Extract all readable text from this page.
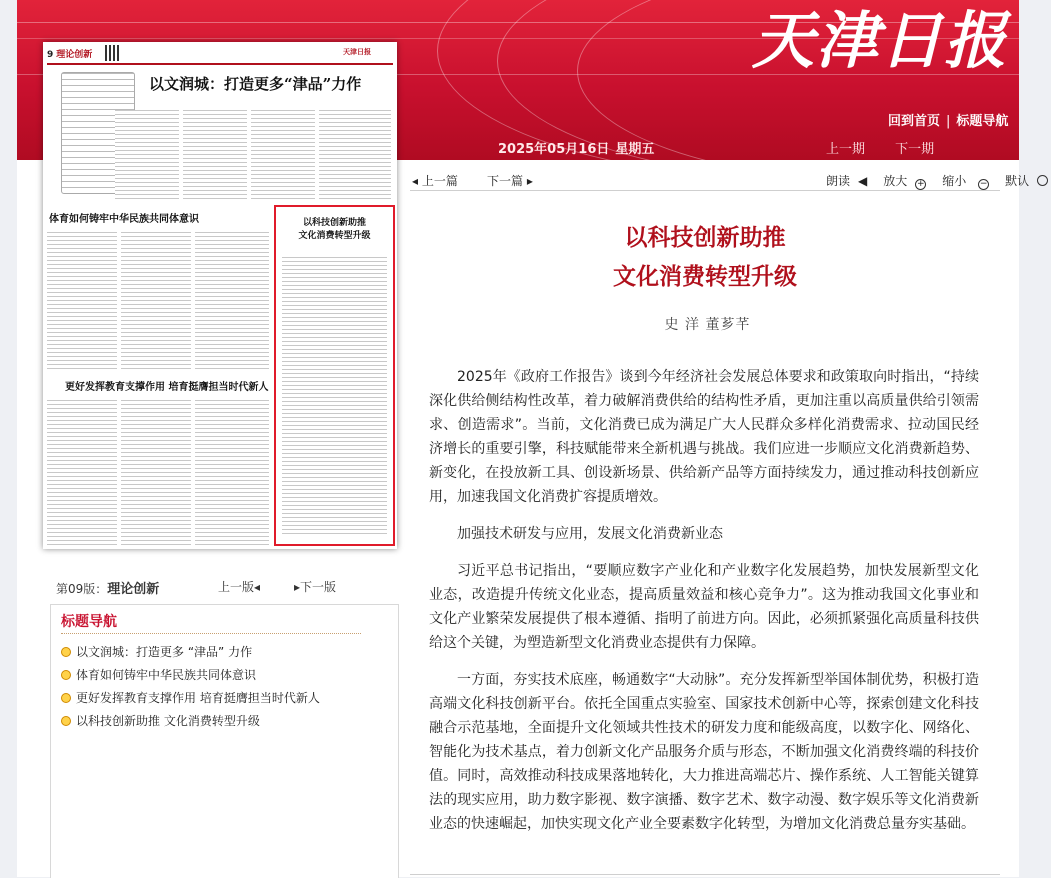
天津日报
回到首页 | 标题导航
2025年05月16日 星期五	上一期 下一期
9 理论创新	天津日报
以文润城：打造更多“津品”力作
体育如何铸牢中华民族共同体意识
更好发挥教育支撑作用 培育挺膺担当时代新人
以科技创新助推
文化消费转型升级
第09版：理论创新	上一版◂	▸下一版
标题导航
以文润城：打造更多 “津品” 力作
体育如何铸牢中华民族共同体意识
更好发挥教育支撑作用 培育挺膺担当时代新人
以科技创新助推 文化消费转型升级
◂ 上一篇 下一篇 ▸	朗读 ◀ 放大 + 缩小 − 默认
以科技创新助推
文化消费转型升级
史 洋 董芗芊

2025年《政府工作报告》谈到今年经济社会发展总体要求和政策取向时指出，“持续深化供给侧结构性改革，着力破解消费供给的结构性矛盾，更加注重以高质量供给引领需求、创造需求”。当前，文化消费已成为满足广大人民群众多样化消费需求、拉动国民经济增长的重要引擎，科技赋能带来全新机遇与挑战。我们应进一步顺应文化消费新趋势、新变化，在投放新工具、创设新场景、供给新产品等方面持续发力，通过推动科技创新应用，加速我国文化消费扩容提质增效。

加强技术研发与应用，发展文化消费新业态

习近平总书记指出，“要顺应数字产业化和产业数字化发展趋势，加快发展新型文化业态，改造提升传统文化业态，提高质量效益和核心竞争力”。这为推动我国文化事业和文化产业繁荣发展提供了根本遵循、指明了前进方向。因此，必须抓紧强化高质量科技供给这个关键，为塑造新型文化消费业态提供有力保障。

一方面，夯实技术底座，畅通数字“大动脉”。充分发挥新型举国体制优势，积极打造高端文化科技创新平台。依托全国重点实验室、国家技术创新中心等，探索创建文化科技融合示范基地，全面提升文化领域共性技术的研发力度和能级高度，以数字化、网络化、智能化为技术基点，着力创新文化产品服务介质与形态，不断加强文化消费终端的科技价值。同时，高效推动科技成果落地转化，大力推进高端芯片、操作系统、人工智能关键算法的现实应用，助力数字影视、数字演播、数字艺术、数字动漫、数字娱乐等文化消费新业态的快速崛起，加快实现文化产业全要素数字化转型，为增加文化消费总量夯实基础。
